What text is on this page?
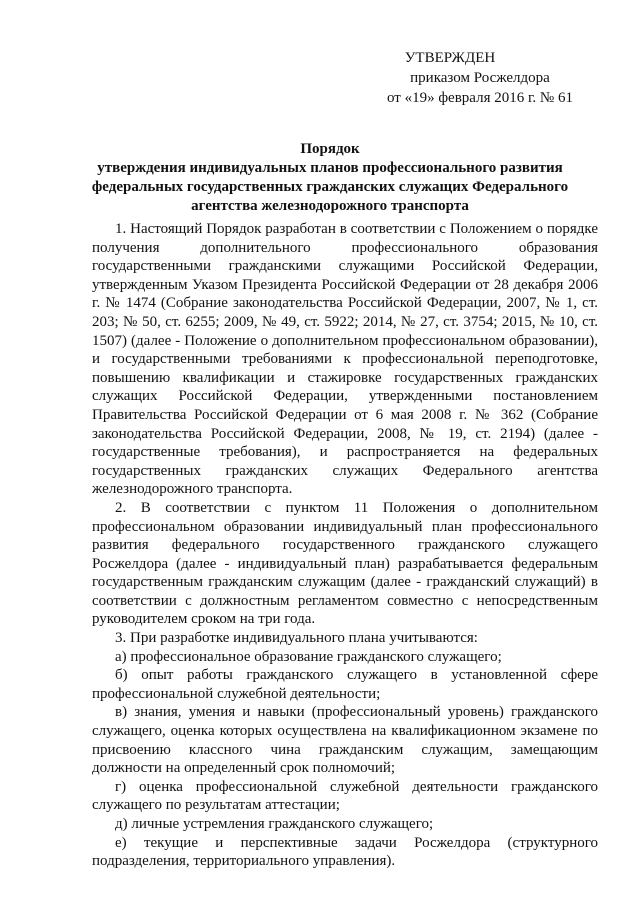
УТВЕРЖДЕН
приказом Росжелдора
от «19» февраля 2016 г. № 61
Порядок
утверждения индивидуальных планов профессионального развития
федеральных государственных гражданских служащих Федерального
агентства железнодорожного транспорта

1. Настоящий Порядок разработан в соответствии с Положением о порядке получения дополнительного профессионального образования государственными гражданскими служащими Российской Федерации, утвержденным Указом Президента Российской Федерации от 28 декабря 2006 г. № 1474 (Собрание законодательства Российской Федерации, 2007, № 1, ст. 203; № 50, ст. 6255; 2009, № 49, ст. 5922; 2014, № 27, ст. 3754; 2015, № 10, ст. 1507) (далее - Положение о дополнительном профессиональном образовании), и государственными требованиями к профессиональной переподготовке, повышению квалификации и стажировке государственных гражданских служащих Российской Федерации, утвержденными постановлением Правительства Российской Федерации от 6 мая 2008 г. № 362 (Собрание законодательства Российской Федерации, 2008, № 19, ст. 2194) (далее - государственные требования), и распространяется на федеральных государственных гражданских служащих Федерального агентства железнодорожного транспорта.

2. В соответствии с пунктом 11 Положения о дополнительном профессиональном образовании индивидуальный план профессионального развития федерального государственного гражданского служащего Росжелдора (далее - индивидуальный план) разрабатывается федеральным государственным гражданским служащим (далее - гражданский служащий) в соответствии с должностным регламентом совместно с непосредственным руководителем сроком на три года.

3. При разработке индивидуального плана учитываются:

а) профессиональное образование гражданского служащего;

б) опыт работы гражданского служащего в установленной сфере профессиональной служебной деятельности;

в) знания, умения и навыки (профессиональный уровень) гражданского служащего, оценка которых осуществлена на квалификационном экзамене по присвоению классного чина гражданским служащим, замещающим должности на определенный срок полномочий;

г) оценка профессиональной служебной деятельности гражданского служащего по результатам аттестации;

д) личные устремления гражданского служащего;

е) текущие и перспективные задачи Росжелдора (структурного подразделения, территориального управления).
